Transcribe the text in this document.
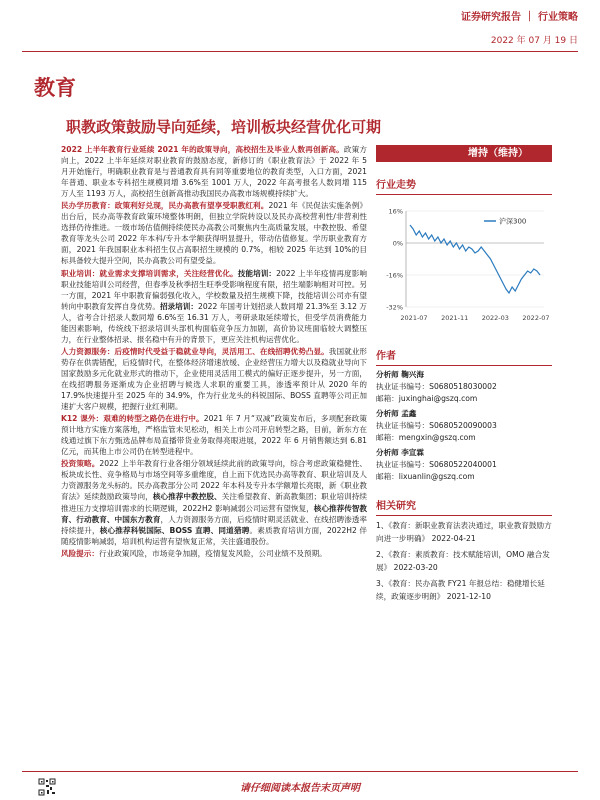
证券研究报告 ｜ 行业策略
2022 年 07 月 19 日
教育
职教政策鼓励导向延续，培训板块经营优化可期

2022 上半年教育行业延续 2021 年的政策导向，高校招生及毕业人数再创新高。政策方向上，2022 上半年延续对职业教育的鼓励态度，新修订的《职业教育法》于 2022 年 5 月开始施行，明确职业教育是与普通教育具有同等重要地位的教育类型，入口方面，2021 年普通、职业本专科招生规模同增 3.6%至 1001 万人，2022 年高考报名人数同增 115 万人至 1193 万人，高校招生创新高推动我国民办高教市场规模持续扩大。

民办学历教育：政策利好兑现，民办高教有望享受职教红利。2021 年《民促法实施条例》出台后，民办高等教育政策环境整体明朗，但独立学院转设以及民办高校营利性/非营利性选择仍待推进。一级市场估值侧持续使民办高教公司聚焦内生高质量发展，中教控股、希望教育等龙头公司 2022 年本科/专升本学额获得明显提升，带动估值修复。学历职业教育方面，2021 年我国职业本科招生仅占高职招生规模的 0.7%，相较 2025 年达到 10%的目标具备较大提升空间，民办高教公司有望受益。

职业培训：就业需求支撑培训需求，关注经营优化。技能培训：2022 上半年疫情再度影响职业技能培训公司经营，但春季及秋季招生旺季受影响程度有限，招生端影响相对可控。另一方面，2021 年中职教育偏弱强化收入，学校数量及招生规模下降，技能培训公司亦有望转向中职教育发挥自身优势。招录培训：2022 年国考计划招录人数同增 21.3%至 3.12 万人，省考合计招录人数同增 6.6%至 16.31 万人，考研录取延续增长，但受学员消费能力能因素影响，传统线下招录培训头部机构面临竞争压力加剧，高价协议班面临较大调整压力，在行业整体招录、报名稳中有升的背景下，更应关注机构运营优化。

人力资源服务：后疫情时代受益于稳就业导向，灵活用工、在线招聘优势凸显。我国就业形势存在供需错配，后疫情时代，在整体经济增速放缓、企业经营压力增大以及稳就业导向下国家鼓励多元化就业形式的推动下，企业使用灵活用工模式的偏好正逐步提升，另一方面，在线招聘服务逐渐成为企业招聘与候选人求职的重要工具，渗透率预计从 2020 年的 17.9%快速提升至 2025 年的 34.9%，作为行业龙头的科锐国际、BOSS 直聘等公司正加速扩大客户规模，把握行业红利期。

K12 课外：艰难的转型之路仍在进行中。2021 年 7 月“双减”政策发布后，多项配套政策预计地方实施方案落地，严格监管未见松动，相关上市公司开启转型之路，目前，新东方在线通过旗下东方甄选品牌布局直播带货业务取得亮眼进展，2022 年 6 月销售额达到 6.81 亿元，而其他上市公司仍在转型进程中。

投资策略。2022 上半年教育行业各细分领域延续此前的政策导向，综合考虑政策稳健性、板块成长性、竞争格局与市场空间等多重维度，自上而下优选民办高等教育、职业培训及人力资源服务龙头标的。民办高教部分公司 2022 年本科及专升本学额增长亮眼，新《职业教育法》延续鼓励政策导向，核心推荐中教控股、关注希望教育、新高教集团；职业培训持续推进压力支撑培训需求的长期逻辑，2022H2 影响减弱公司运营有望恢复，核心推荐传智教育、行动教育、中国东方教育，人力资源服务方面，后疫情时期灵活就业、在线招聘渗透率持续提升，核心推荐科锐国际、BOSS 直聘、同道猎聘。素质教育培训方面，2022H2 伴随疫情影响减弱，培训机构运营有望恢复正常，关注盛通股份。

风险提示：行业政策风险，市场竞争加剧，疫情复发风险，公司业绩不及预期。

增持（维持）
行业走势
16%
0%
-16%
-32%
2021-07 2021-11 2022-03 2022-07
沪深300
作者
分析师 鞠兴海
执业证书编号：S0680518030002
邮箱：juxinghai@gszq.com
分析师 孟鑫
执业证书编号：S0680520090003
邮箱：mengxin@gszq.com
分析师 李宣霖
执业证书编号：S0680522040001
邮箱：lixuanlin@gszq.com
相关研究
1、《教育：新职业教育法表决通过，职业教育鼓励方向进一步明确》 2022-04-21
2、《教育：素质教育：技术赋能培训，OMO 融合发展》 2022-03-20
3、《教育：民办高教 FY21 年报总结：稳健增长延续，政策逐步明朗》 2021-12-10
请仔细阅读本报告末页声明
